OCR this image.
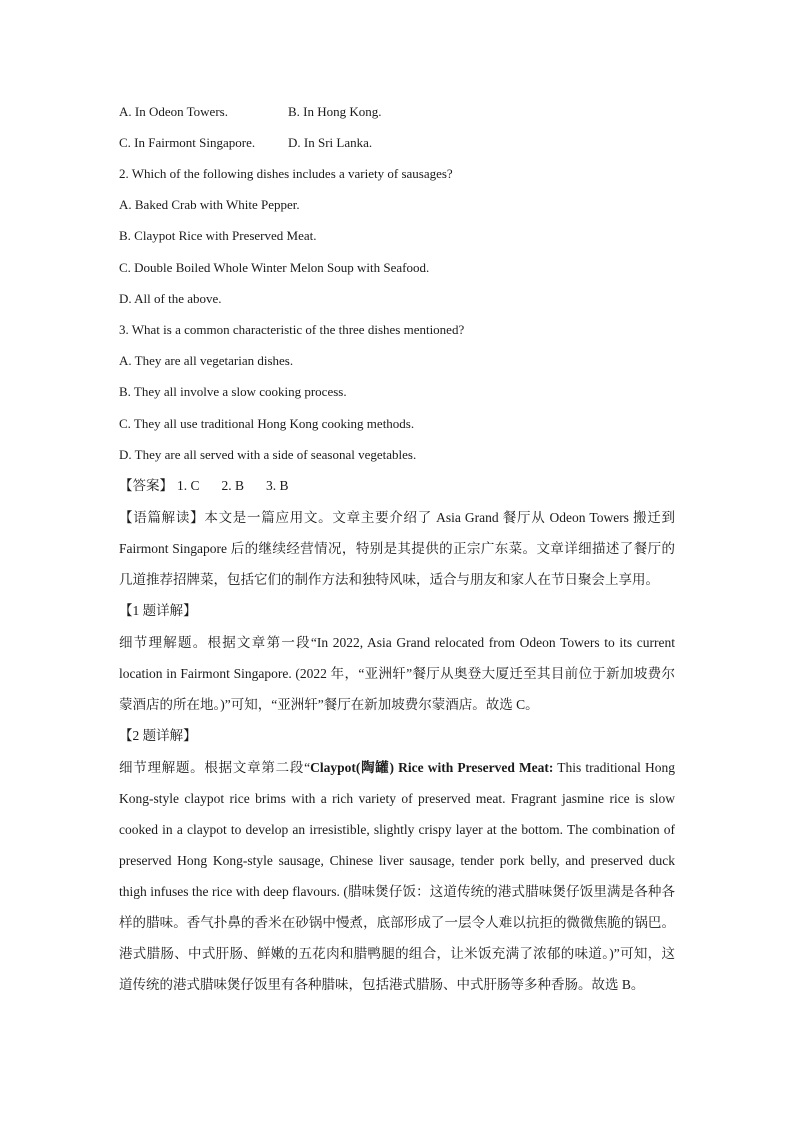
A. In Odeon Towers.	B. In Hong Kong.
C. In Fairmont Singapore.	D. In Sri Lanka.
2. Which of the following dishes includes a variety of sausages?
A. Baked Crab with White Pepper.
B. Claypot Rice with Preserved Meat.
C. Double Boiled Whole Winter Melon Soup with Seafood.
D. All of the above.
3. What is a common characteristic of the three dishes mentioned?
A. They are all vegetarian dishes.
B. They all involve a slow cooking process.
C. They all use traditional Hong Kong cooking methods.
D. They are all served with a side of seasonal vegetables.
【答案】 1. C 2. B 3. B

【语篇解读】本文是一篇应用文。文章主要介绍了 Asia Grand 餐厅从 Odeon Towers 搬迁到 Fairmont Singapore 后的继续经营情况，特别是其提供的正宗广东菜。文章详细描述了餐厅的几道推荐招牌菜，包括它们的制作方法和独特风味，适合与朋友和家人在节日聚会上享用。

【1 题详解】

细节理解题。根据文章第一段“In 2022, Asia Grand relocated from Odeon Towers to its current location in Fairmont Singapore. (2022 年，“亚洲轩”餐厅从奥登大厦迁至其目前位于新加坡费尔蒙酒店的所在地。)”可知，“亚洲轩”餐厅在新加坡费尔蒙酒店。故选 C。

【2 题详解】

细节理解题。根据文章第二段“Claypot(陶罐) Rice with Preserved Meat: This traditional Hong Kong-style claypot rice brims with a rich variety of preserved meat. Fragrant jasmine rice is slow cooked in a claypot to develop an irresistible, slightly crispy layer at the bottom. The combination of preserved Hong Kong-style sausage, Chinese liver sausage, tender pork belly, and preserved duck thigh infuses the rice with deep flavours. (腊味煲仔饭：这道传统的港式腊味煲仔饭里满是各种各样的腊味。香气扑鼻的香米在砂锅中慢煮，底部形成了一层令人难以抗拒的微微焦脆的锅巴。港式腊肠、中式肝肠、鲜嫩的五花肉和腊鸭腿的组合，让米饭充满了浓郁的味道。)”可知，这道传统的港式腊味煲仔饭里有各种腊味，包括港式腊肠、中式肝肠等多种香肠。故选 B。
